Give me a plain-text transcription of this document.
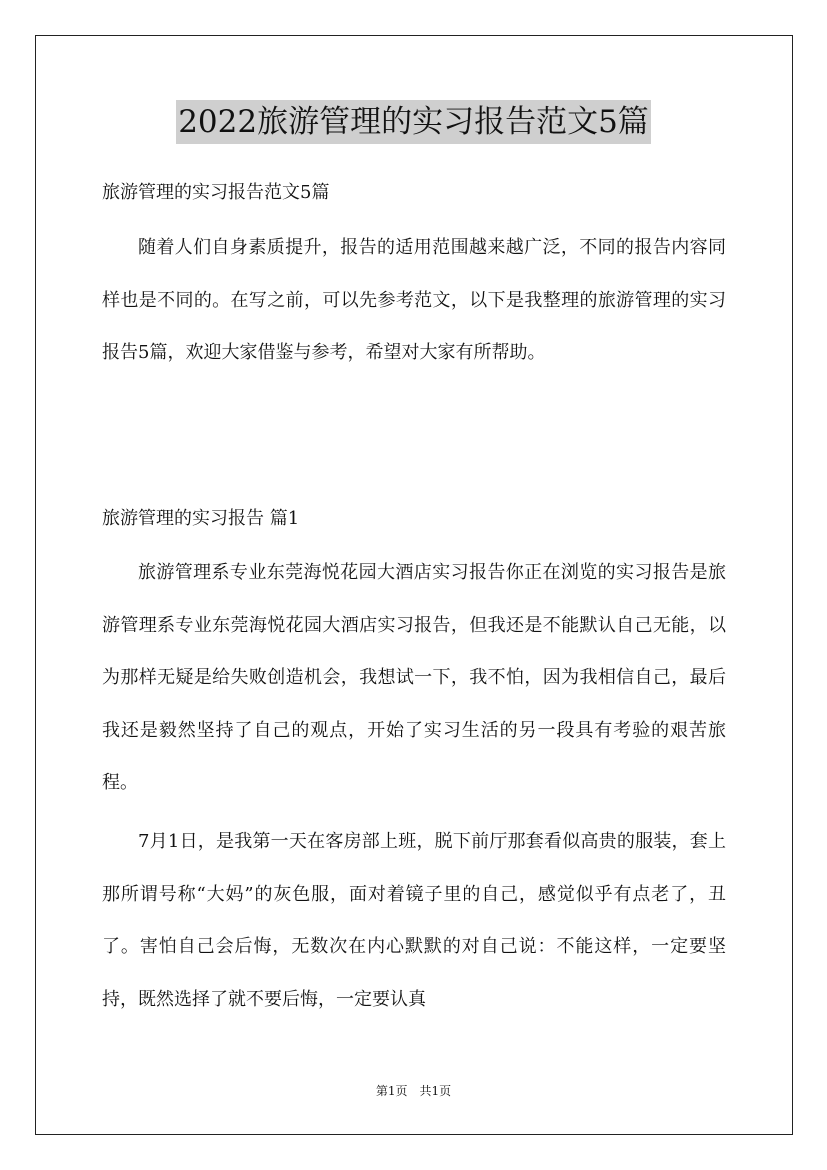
2022旅游管理的实习报告范文5篇

旅游管理的实习报告范文5篇

随着人们自身素质提升，报告的适用范围越来越广泛，不同的报告内容同样也是不同的。在写之前，可以先参考范文，以下是我整理的旅游管理的实习报告5篇，欢迎大家借鉴与参考，希望对大家有所帮助。

旅游管理的实习报告 篇1

旅游管理系专业东莞海悦花园大酒店实习报告你正在浏览的实习报告是旅游管理系专业东莞海悦花园大酒店实习报告，但我还是不能默认自己无能，以为那样无疑是给失败创造机会，我想试一下，我不怕，因为我相信自己，最后我还是毅然坚持了自己的观点，开始了实习生活的另一段具有考验的艰苦旅程。

7月1日，是我第一天在客房部上班，脱下前厅那套看似高贵的服装，套上那所谓号称“大妈”的灰色服，面对着镜子里的自己，感觉似乎有点老了，丑了。害怕自己会后悔，无数次在内心默默的对自己说：不能这样，一定要坚持，既然选择了就不要后悔，一定要认真

第1页　共1页
